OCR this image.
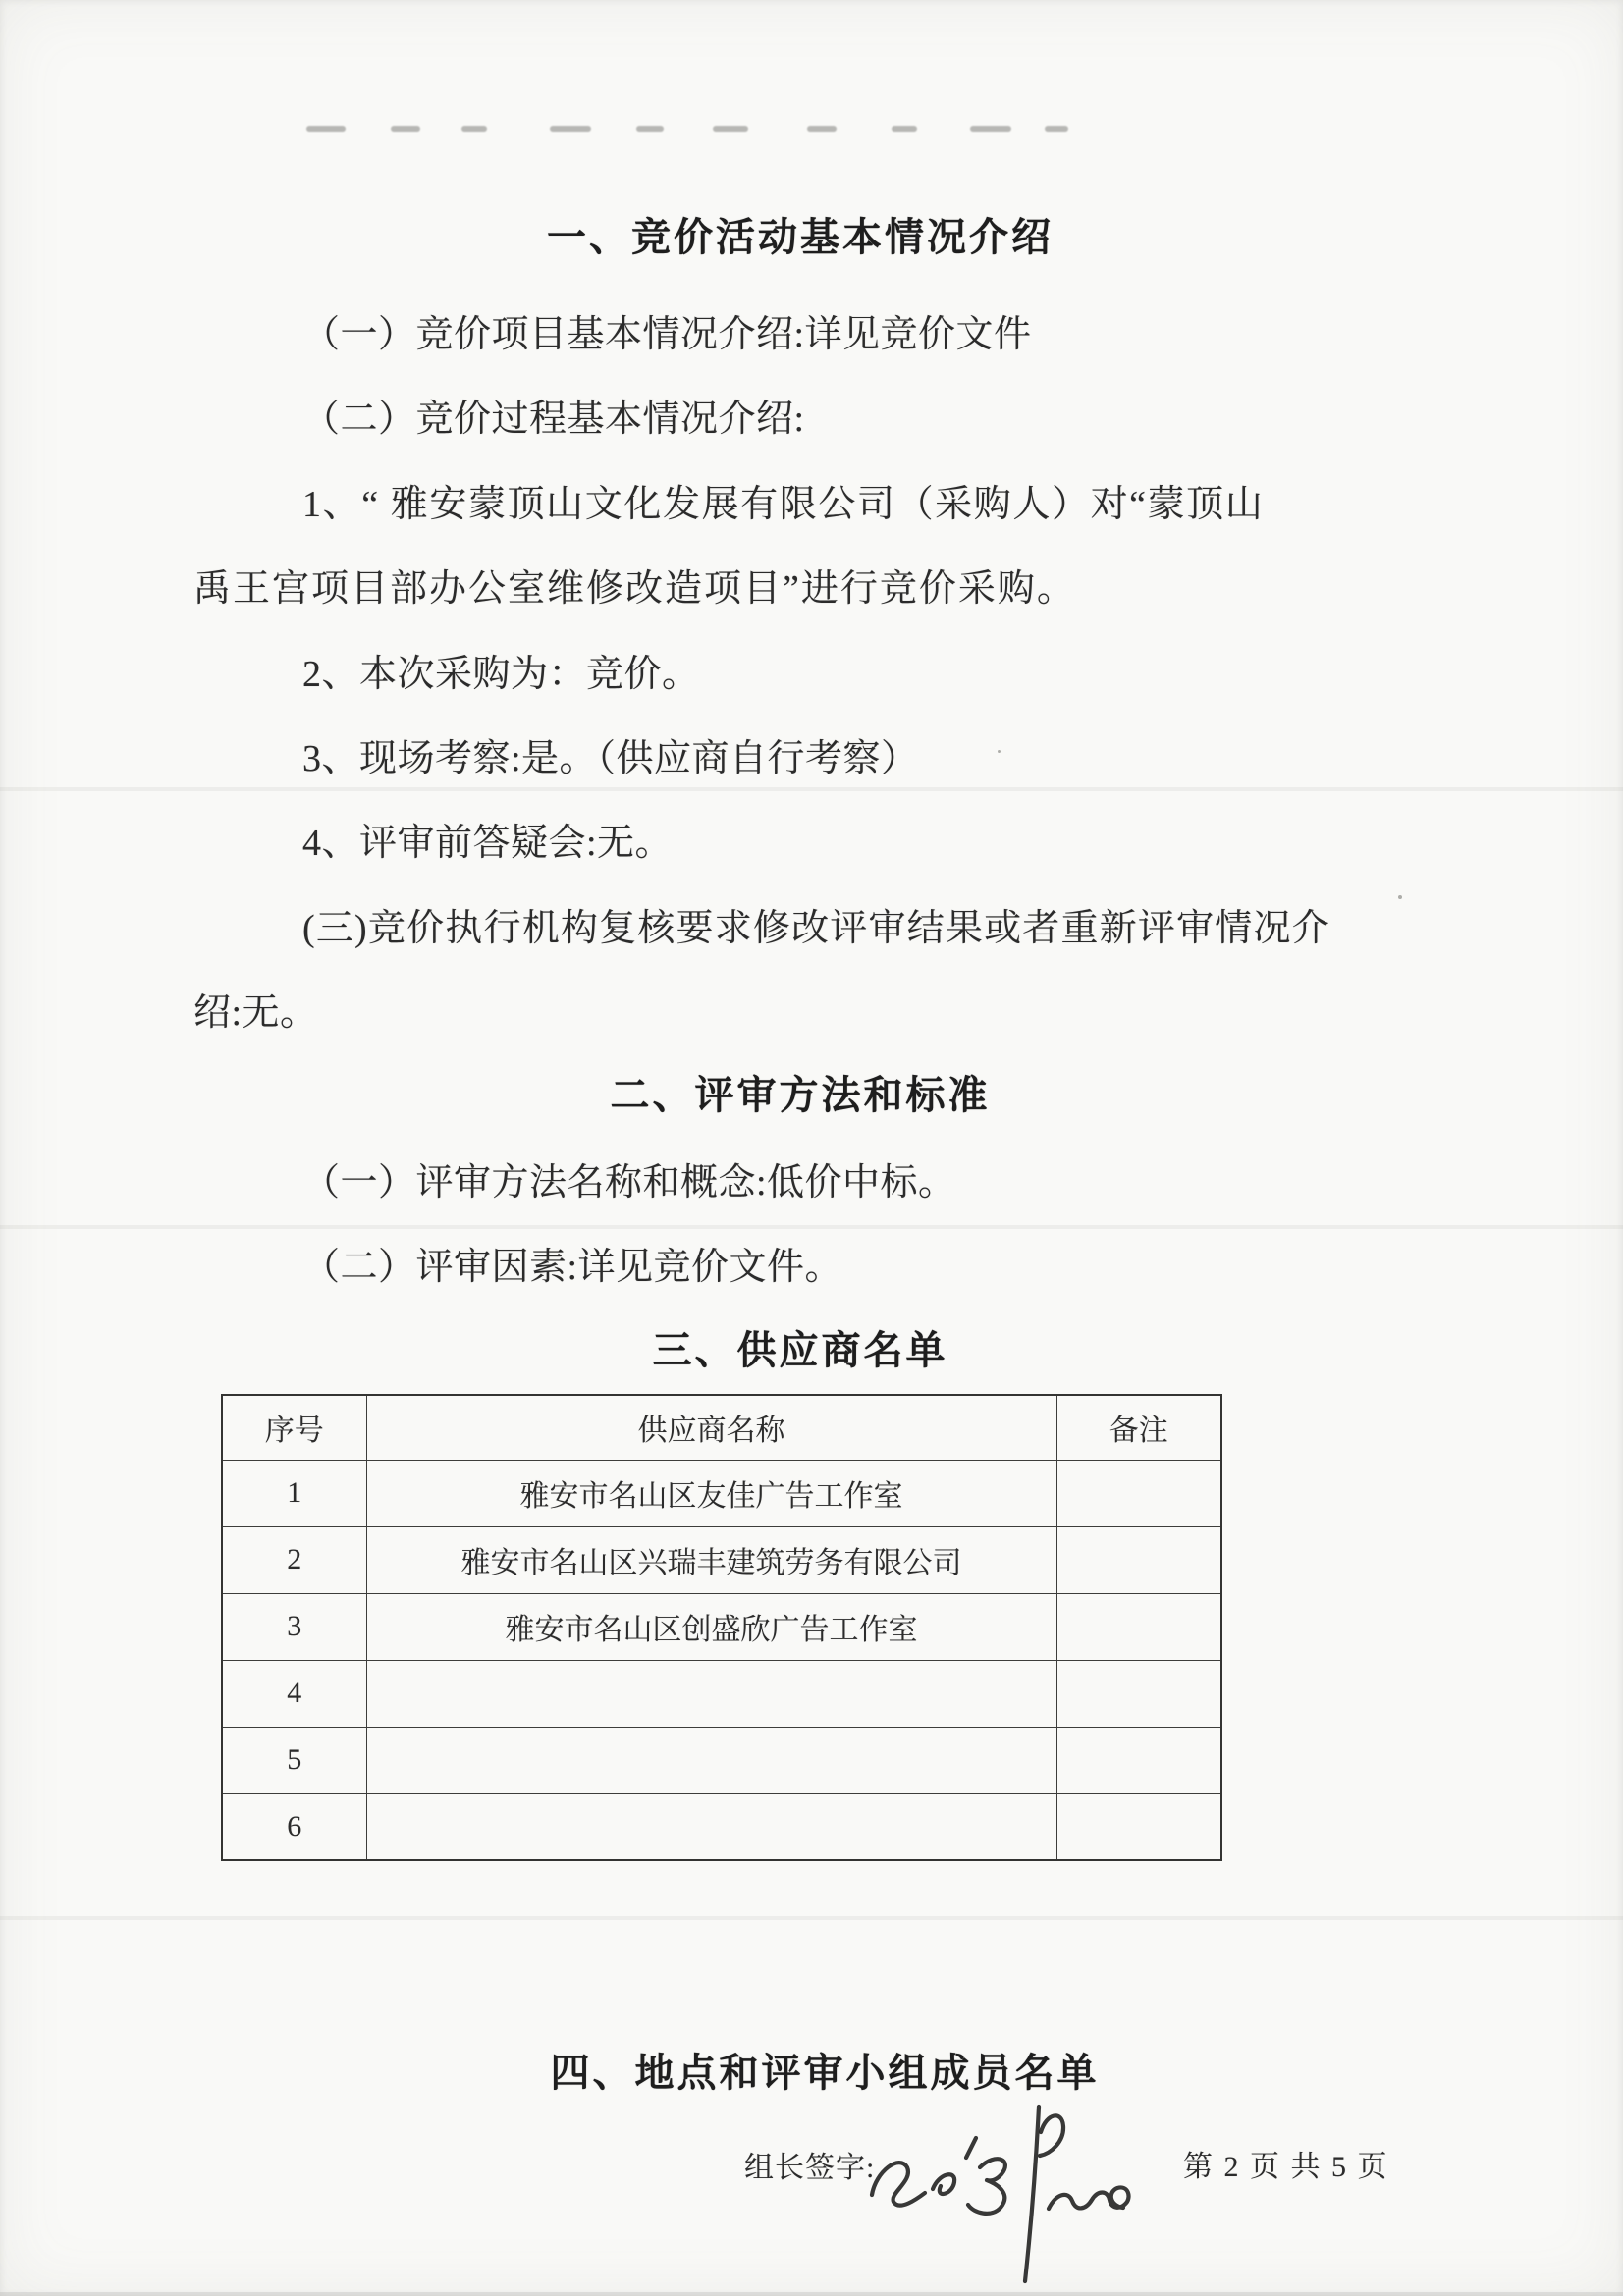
一、竞价活动基本情况介绍
（一）竞价项目基本情况介绍:详见竞价文件
（二）竞价过程基本情况介绍:
1、“ 雅安蒙顶山文化发展有限公司（采购人）对“蒙顶山
禹王宫项目部办公室维修改造项目”进行竞价采购。
2、本次采购为：竞价。
3、现场考察:是。（供应商自行考察）
4、评审前答疑会:无。
(三)竞价执行机构复核要求修改评审结果或者重新评审情况介
绍:无。
二、评审方法和标准
（一）评审方法名称和概念:低价中标。
（二）评审因素:详见竞价文件。
三、供应商名单
序号	供应商名称	备注
1	雅安市名山区友佳广告工作室	
2	雅安市名山区兴瑞丰建筑劳务有限公司	
3	雅安市名山区创盛欣广告工作室	
4		
5		
6		
四、地点和评审小组成员名单
组长签字:	第 2 页 共 5 页
